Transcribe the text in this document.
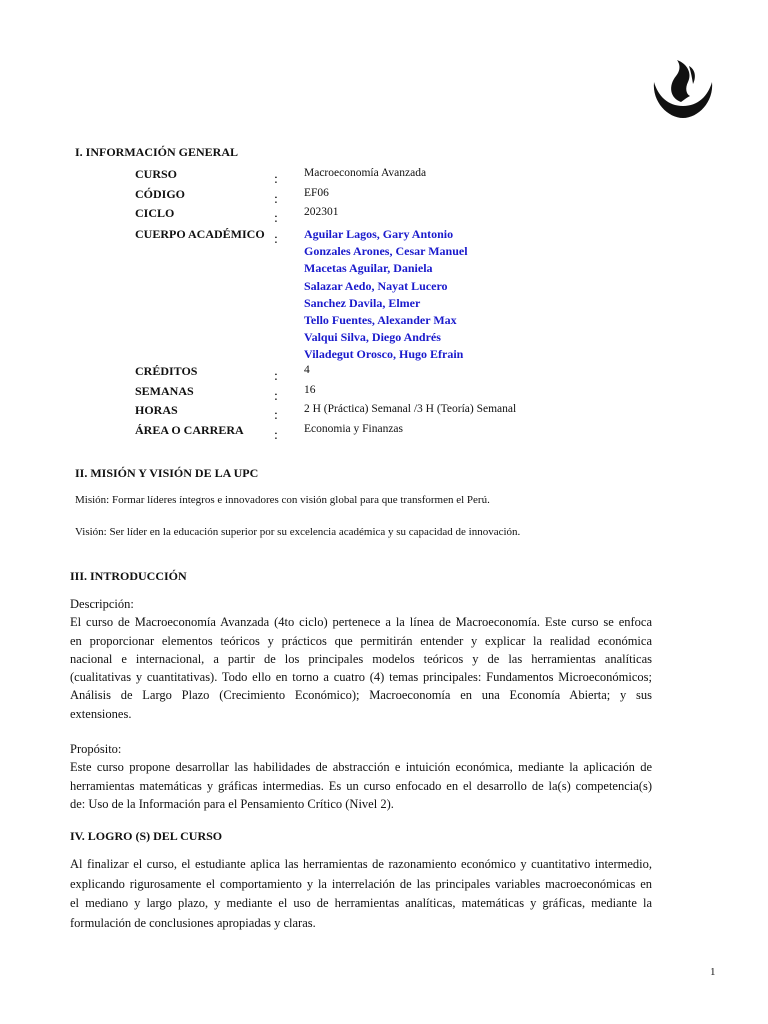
I. INFORMACIÓN GENERAL
CURSO	: Macroeconomía Avanzada
CÓDIGO	: EF06
CICLO	: 202301
CUERPO ACADÉMICO : Aguilar Lagos, Gary Antonio
Gonzales Arones, Cesar Manuel
Macetas Aguilar, Daniela
Salazar Aedo, Nayat Lucero
Sanchez Davila, Elmer
Tello Fuentes, Alexander Max
Valqui Silva, Diego Andrés
Viladegut Orosco, Hugo Efrain
CRÉDITOS	: 4
SEMANAS	: 16
HORAS	: 2 H (Práctica) Semanal /3 H (Teoría) Semanal
ÁREA O CARRERA : Economia y Finanzas
II. MISIÓN Y VISIÓN DE LA UPC
Misión: Formar líderes íntegros e innovadores con visión global para que transformen el Perú.
Visión: Ser líder en la educación superior por su excelencia académica y su capacidad de innovación.
III. INTRODUCCIÓN
Descripción:
El curso de Macroeconomía Avanzada (4to ciclo) pertenece a la línea de Macroeconomía. Este curso se enfoca
en proporcionar elementos teóricos y prácticos que permitirán entender y explicar la realidad económica
nacional e internacional, a partir de los principales modelos teóricos y de las herramientas analíticas
(cualitativas y cuantitativas). Todo ello en torno a cuatro (4) temas principales: Fundamentos Microeconómicos;
Análisis de Largo Plazo (Crecimiento Económico); Macroeconomía en una Economía Abierta; y sus
extensiones.
Propósito:
Este curso propone desarrollar las habilidades de abstracción e intuición económica, mediante la aplicación de
herramientas matemáticas y gráficas intermedias. Es un curso enfocado en el desarrollo de la(s) competencia(s)
de: Uso de la Información para el Pensamiento Crítico (Nivel 2).
IV. LOGRO (S) DEL CURSO
Al finalizar el curso, el estudiante aplica las herramientas de razonamiento económico y cuantitativo intermedio,
explicando rigurosamente el comportamiento y la interrelación de las principales variables macroeconómicas en
el mediano y largo plazo, y mediante el uso de herramientas analíticas, matemáticas y gráficas, mediante la
formulación de conclusiones apropiadas y claras.
1
